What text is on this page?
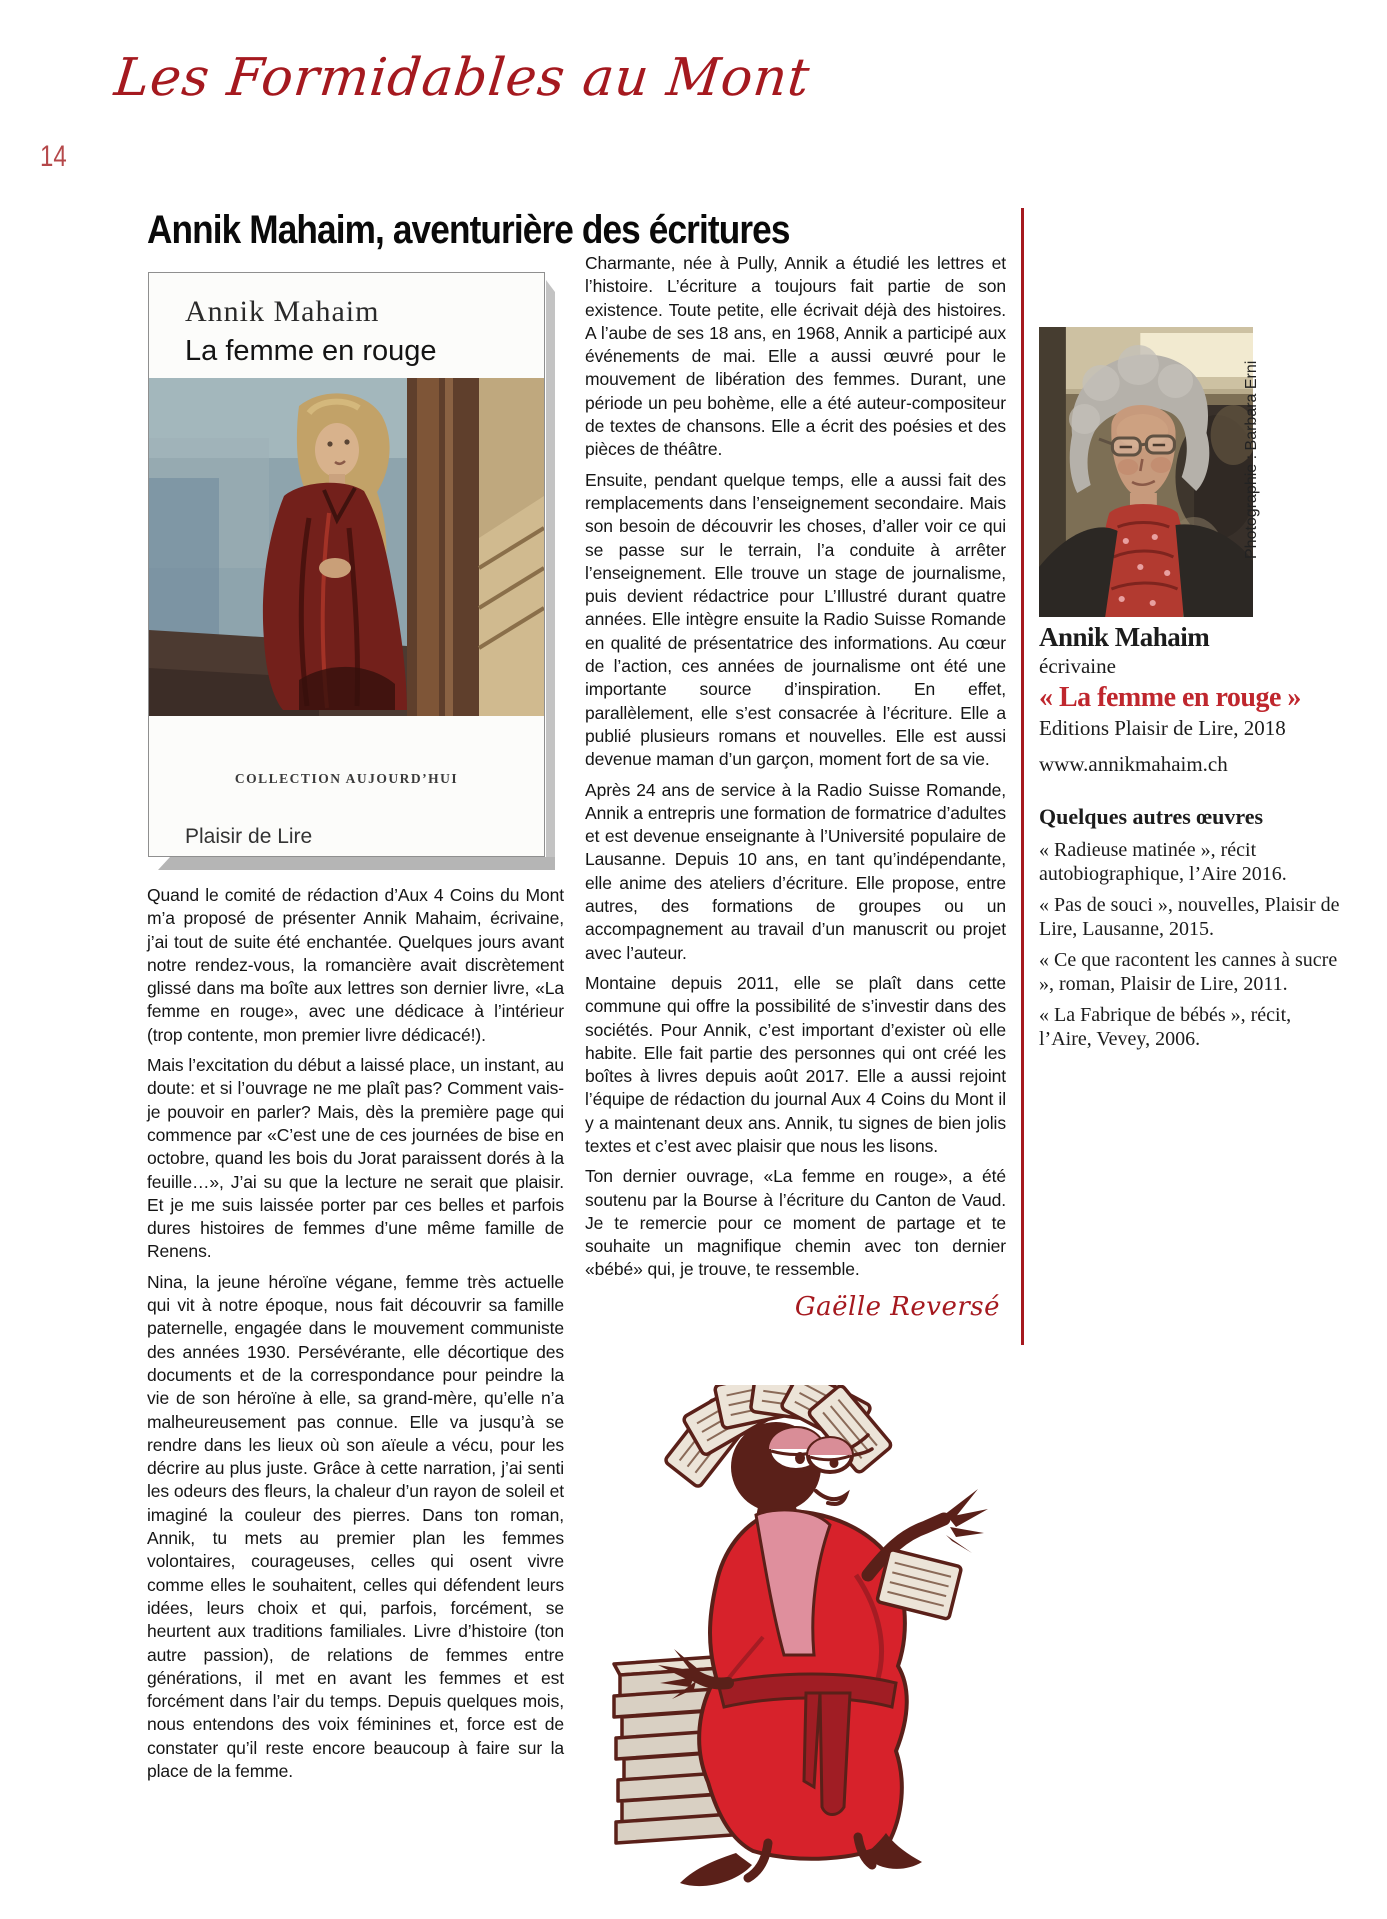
Les Formidables au Mont
14
Annik Mahaim, aventurière des écritures
Annik Mahaim
La femme en rouge
COLLECTION AUJOURD’HUI
Plaisir de Lire

Quand le comité de rédaction d’Aux 4 Coins du Mont m’a proposé de présenter Annik Mahaim, écrivaine, j’ai tout de suite été enchantée. Quelques jours avant notre rendez-vous, la romancière avait discrètement glissé dans ma boîte aux lettres son dernier livre, «La femme en rouge», avec une dédicace à l’intérieur (trop contente, mon premier livre dédicacé!).

Mais l’excitation du début a laissé place, un instant, au doute: et si l’ouvrage ne me plaît pas? Comment vais-je pouvoir en parler? Mais, dès la première page qui commence par «C’est une de ces journées de bise en octobre, quand les bois du Jorat paraissent dorés à la feuille…», J’ai su que la lecture ne serait que plaisir. Et je me suis laissée porter par ces belles et parfois dures histoires de femmes d’une même famille de Renens.

Nina, la jeune héroïne végane, femme très actuelle qui vit à notre époque, nous fait découvrir sa famille paternelle, engagée dans le mouvement communiste des années 1930. Persévérante, elle décortique des documents et de la correspondance pour peindre la vie de son héroïne à elle, sa grand-mère, qu’elle n’a malheureusement pas connue. Elle va jusqu’à se rendre dans les lieux où son aïeule a vécu, pour les décrire au plus juste. Grâce à cette narration, j’ai senti les odeurs des fleurs, la chaleur d’un rayon de soleil et imaginé la couleur des pierres. Dans ton roman, Annik, tu mets au premier plan les femmes volontaires, courageuses, celles qui osent vivre comme elles le souhaitent, celles qui défendent leurs idées, leurs choix et qui, parfois, forcément, se heurtent aux traditions familiales. Livre d’histoire (ton autre passion), de relations de femmes entre générations, il met en avant les femmes et est forcément dans l’air du temps. Depuis quelques mois, nous entendons des voix féminines et, force est de constater qu’il reste encore beaucoup à faire sur la place de la femme.

Charmante, née à Pully, Annik a étudié les lettres et l’histoire. L’écriture a toujours fait partie de son existence. Toute petite, elle écrivait déjà des histoires. A l’aube de ses 18 ans, en 1968, Annik a participé aux événements de mai. Elle a aussi œuvré pour le mouvement de libération des femmes. Durant, une période un peu bohème, elle a été auteur-compositeur de textes de chansons. Elle a écrit des poésies et des pièces de théâtre.

Ensuite, pendant quelque temps, elle a aussi fait des remplacements dans l’enseignement secondaire. Mais son besoin de découvrir les choses, d’aller voir ce qui se passe sur le terrain, l’a conduite à arrêter l’enseignement. Elle trouve un stage de journalisme, puis devient rédactrice pour L’Illustré durant quatre années. Elle intègre ensuite la Radio Suisse Romande en qualité de présentatrice des informations. Au cœur de l’action, ces années de journalisme ont été une importante source d’inspiration. En effet, parallèlement, elle s’est consacrée à l’écriture. Elle a publié plusieurs romans et nouvelles. Elle est aussi devenue maman d’un garçon, moment fort de sa vie.

Après 24 ans de service à la Radio Suisse Romande, Annik a entrepris une formation de formatrice d’adultes et est devenue enseignante à l’Université populaire de Lausanne. Depuis 10 ans, en tant qu’indépendante, elle anime des ateliers d’écriture. Elle propose, entre autres, des formations de groupes ou un accompagnement au travail d’un manuscrit ou projet avec l’auteur.

Montaine depuis 2011, elle se plaît dans cette commune qui offre la possibilité de s’investir dans des sociétés. Pour Annik, c’est important d’exister où elle habite. Elle fait partie des personnes qui ont créé les boîtes à livres depuis août 2017. Elle a aussi rejoint l’équipe de rédaction du journal Aux 4 Coins du Mont il y a maintenant deux ans. Annik, tu signes de bien jolis textes et c’est avec plaisir que nous les lisons.

Ton dernier ouvrage, «La femme en rouge», a été soutenu par la Bourse à l’écriture du Canton de Vaud. Je te remercie pour ce moment de partage et te souhaite un magnifique chemin avec ton dernier «bébé» qui, je trouve, te ressemble.

Gaëlle Reversé
Photographie : Barbara Erni
Annik Mahaim
écrivaine
« La femme en rouge »
Editions Plaisir de Lire, 2018
www.annikmahaim.ch
Quelques autres œuvres
« Radieuse matinée », récit autobiographique, l’Aire 2016.
« Pas de souci », nouvelles, Plaisir de Lire, Lausanne, 2015.
« Ce que racontent les cannes à sucre », roman, Plaisir de Lire, 2011.
« La Fabrique de bébés », récit, l’Aire, Vevey, 2006.
